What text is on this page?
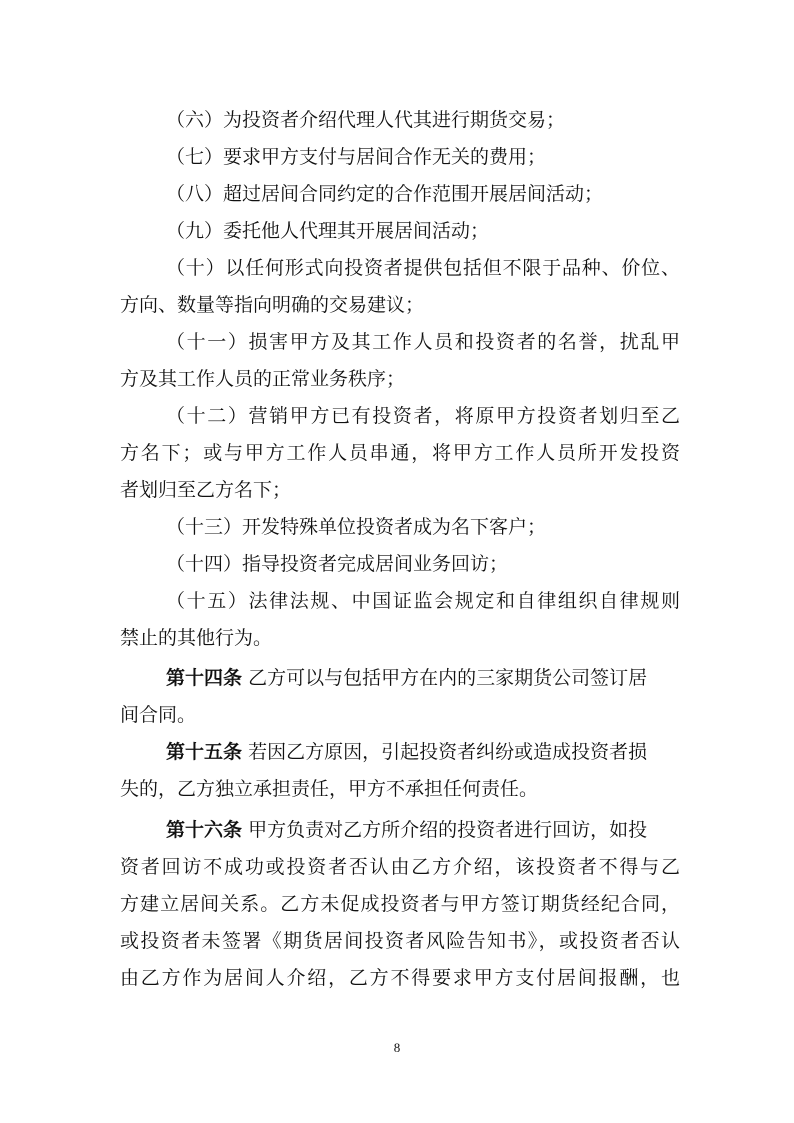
（六）为投资者介绍代理人代其进行期货交易；
（七）要求甲方支付与居间合作无关的费用；
（八）超过居间合同约定的合作范围开展居间活动；
（九）委托他人代理其开展居间活动；
（十）以任何形式向投资者提供包括但不限于品种、价位、
方向、数量等指向明确的交易建议；
（十一）损害甲方及其工作人员和投资者的名誉，扰乱甲
方及其工作人员的正常业务秩序；
（十二）营销甲方已有投资者，将原甲方投资者划归至乙
方名下；或与甲方工作人员串通，将甲方工作人员所开发投资
者划归至乙方名下；
（十三）开发特殊单位投资者成为名下客户；
（十四）指导投资者完成居间业务回访；
（十五）法律法规、中国证监会规定和自律组织自律规则
禁止的其他行为。
第十四条 乙方可以与包括甲方在内的三家期货公司签订居
间合同。
第十五条 若因乙方原因，引起投资者纠纷或造成投资者损
失的，乙方独立承担责任，甲方不承担任何责任。
第十六条 甲方负责对乙方所介绍的投资者进行回访，如投
资者回访不成功或投资者否认由乙方介绍，该投资者不得与乙
方建立居间关系。乙方未促成投资者与甲方签订期货经纪合同，
或投资者未签署《期货居间投资者风险告知书》，或投资者否认
由乙方作为居间人介绍，乙方不得要求甲方支付居间报酬，也
8
